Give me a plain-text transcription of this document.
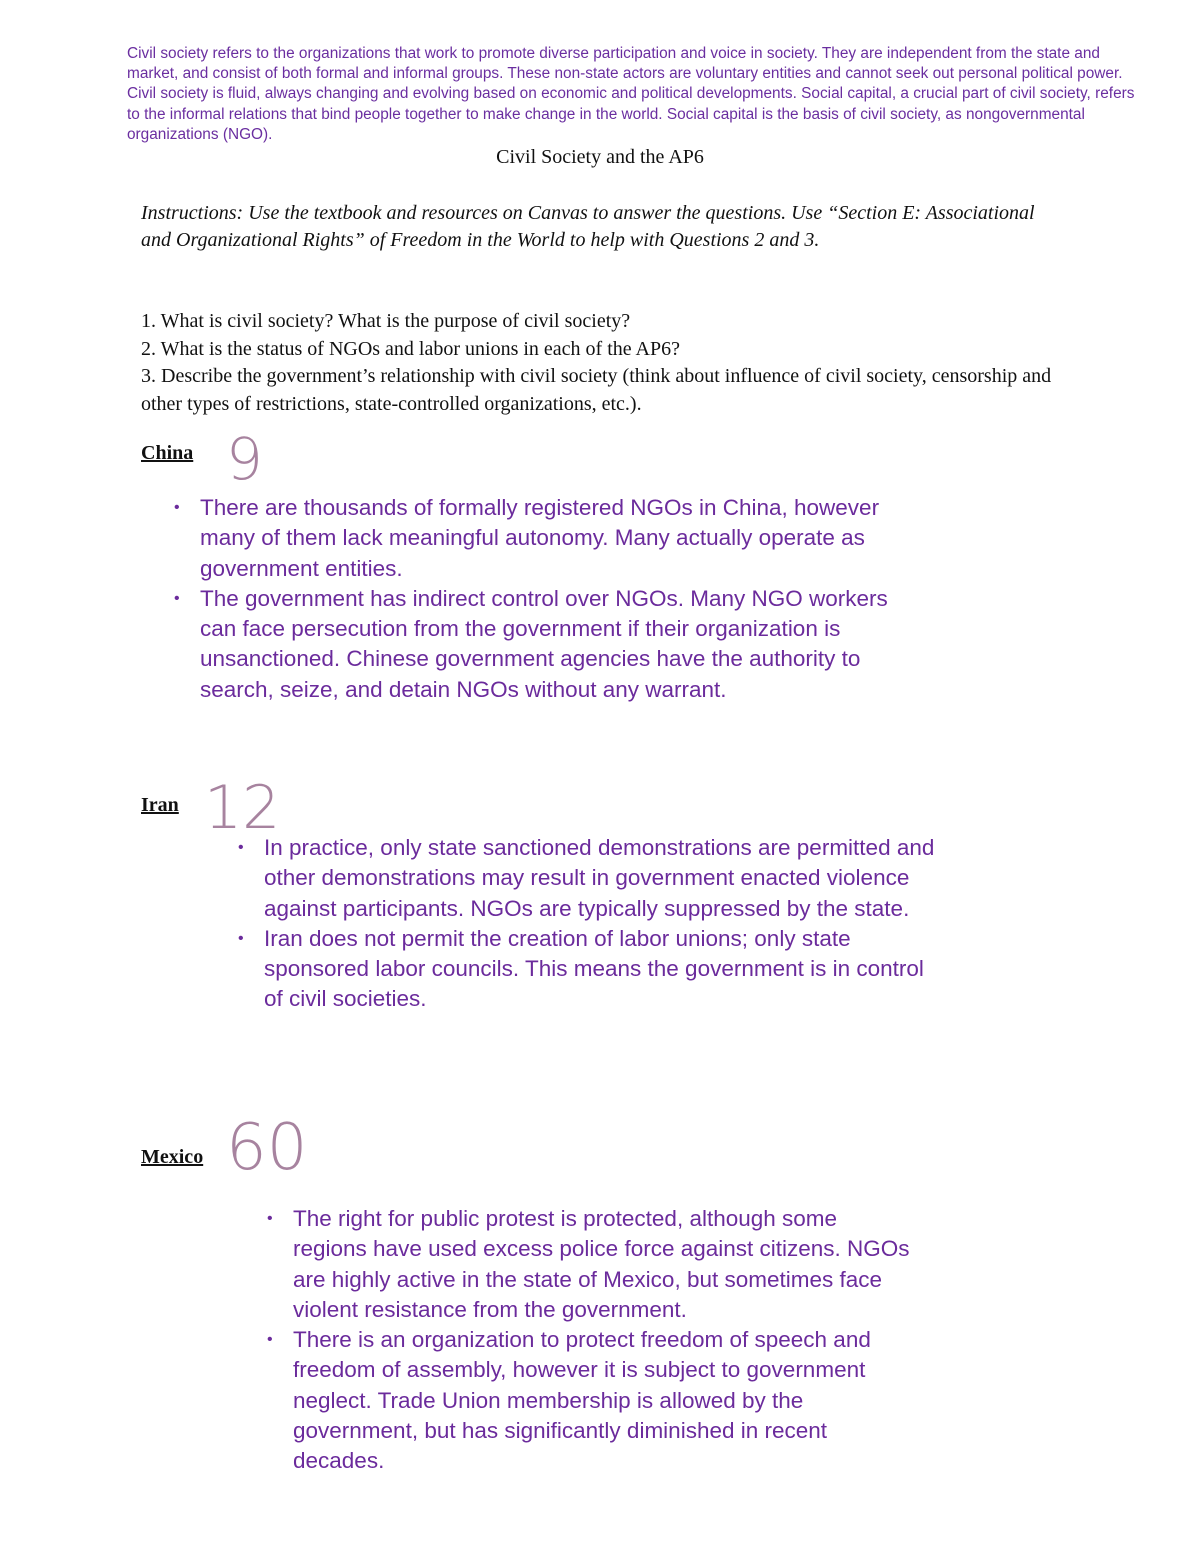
Civil society refers to the organizations that work to promote diverse participation and voice in society. They are independent from the state and market, and consist of both formal and informal groups. These non-state actors are voluntary entities and cannot seek out personal political power. Civil society is fluid, always changing and evolving based on economic and political developments. Social capital, a crucial part of civil society, refers to the informal relations that bind people together to make change in the world. Social capital is the basis of civil society, as nongovernmental organizations (NGO).
Civil Society and the AP6
Instructions: Use the textbook and resources on Canvas to answer the questions. Use “Section E: Associational and Organizational Rights” of Freedom in the World to help with Questions 2 and 3.
1. What is civil society? What is the purpose of civil society?
2. What is the status of NGOs and labor unions in each of the AP6?
3. Describe the government’s relationship with civil society (think about influence of civil society, censorship and other types of restrictions, state-controlled organizations, etc.).
China 9
• There are thousands of formally registered NGOs in China, however many of them lack meaningful autonomy. Many actually operate as government entities.
• The government has indirect control over NGOs. Many NGO workers can face persecution from the government if their organization is unsanctioned. Chinese government agencies have the authority to search, seize, and detain NGOs without any warrant.
Iran 12
• In practice, only state sanctioned demonstrations are permitted and other demonstrations may result in government enacted violence against participants. NGOs are typically suppressed by the state.
• Iran does not permit the creation of labor unions; only state sponsored labor councils. This means the government is in control of civil societies.
Mexico 60
• The right for public protest is protected, although some regions have used excess police force against citizens. NGOs are highly active in the state of Mexico, but sometimes face violent resistance from the government.
• There is an organization to protect freedom of speech and freedom of assembly, however it is subject to government neglect. Trade Union membership is allowed by the government, but has significantly diminished in recent decades.
